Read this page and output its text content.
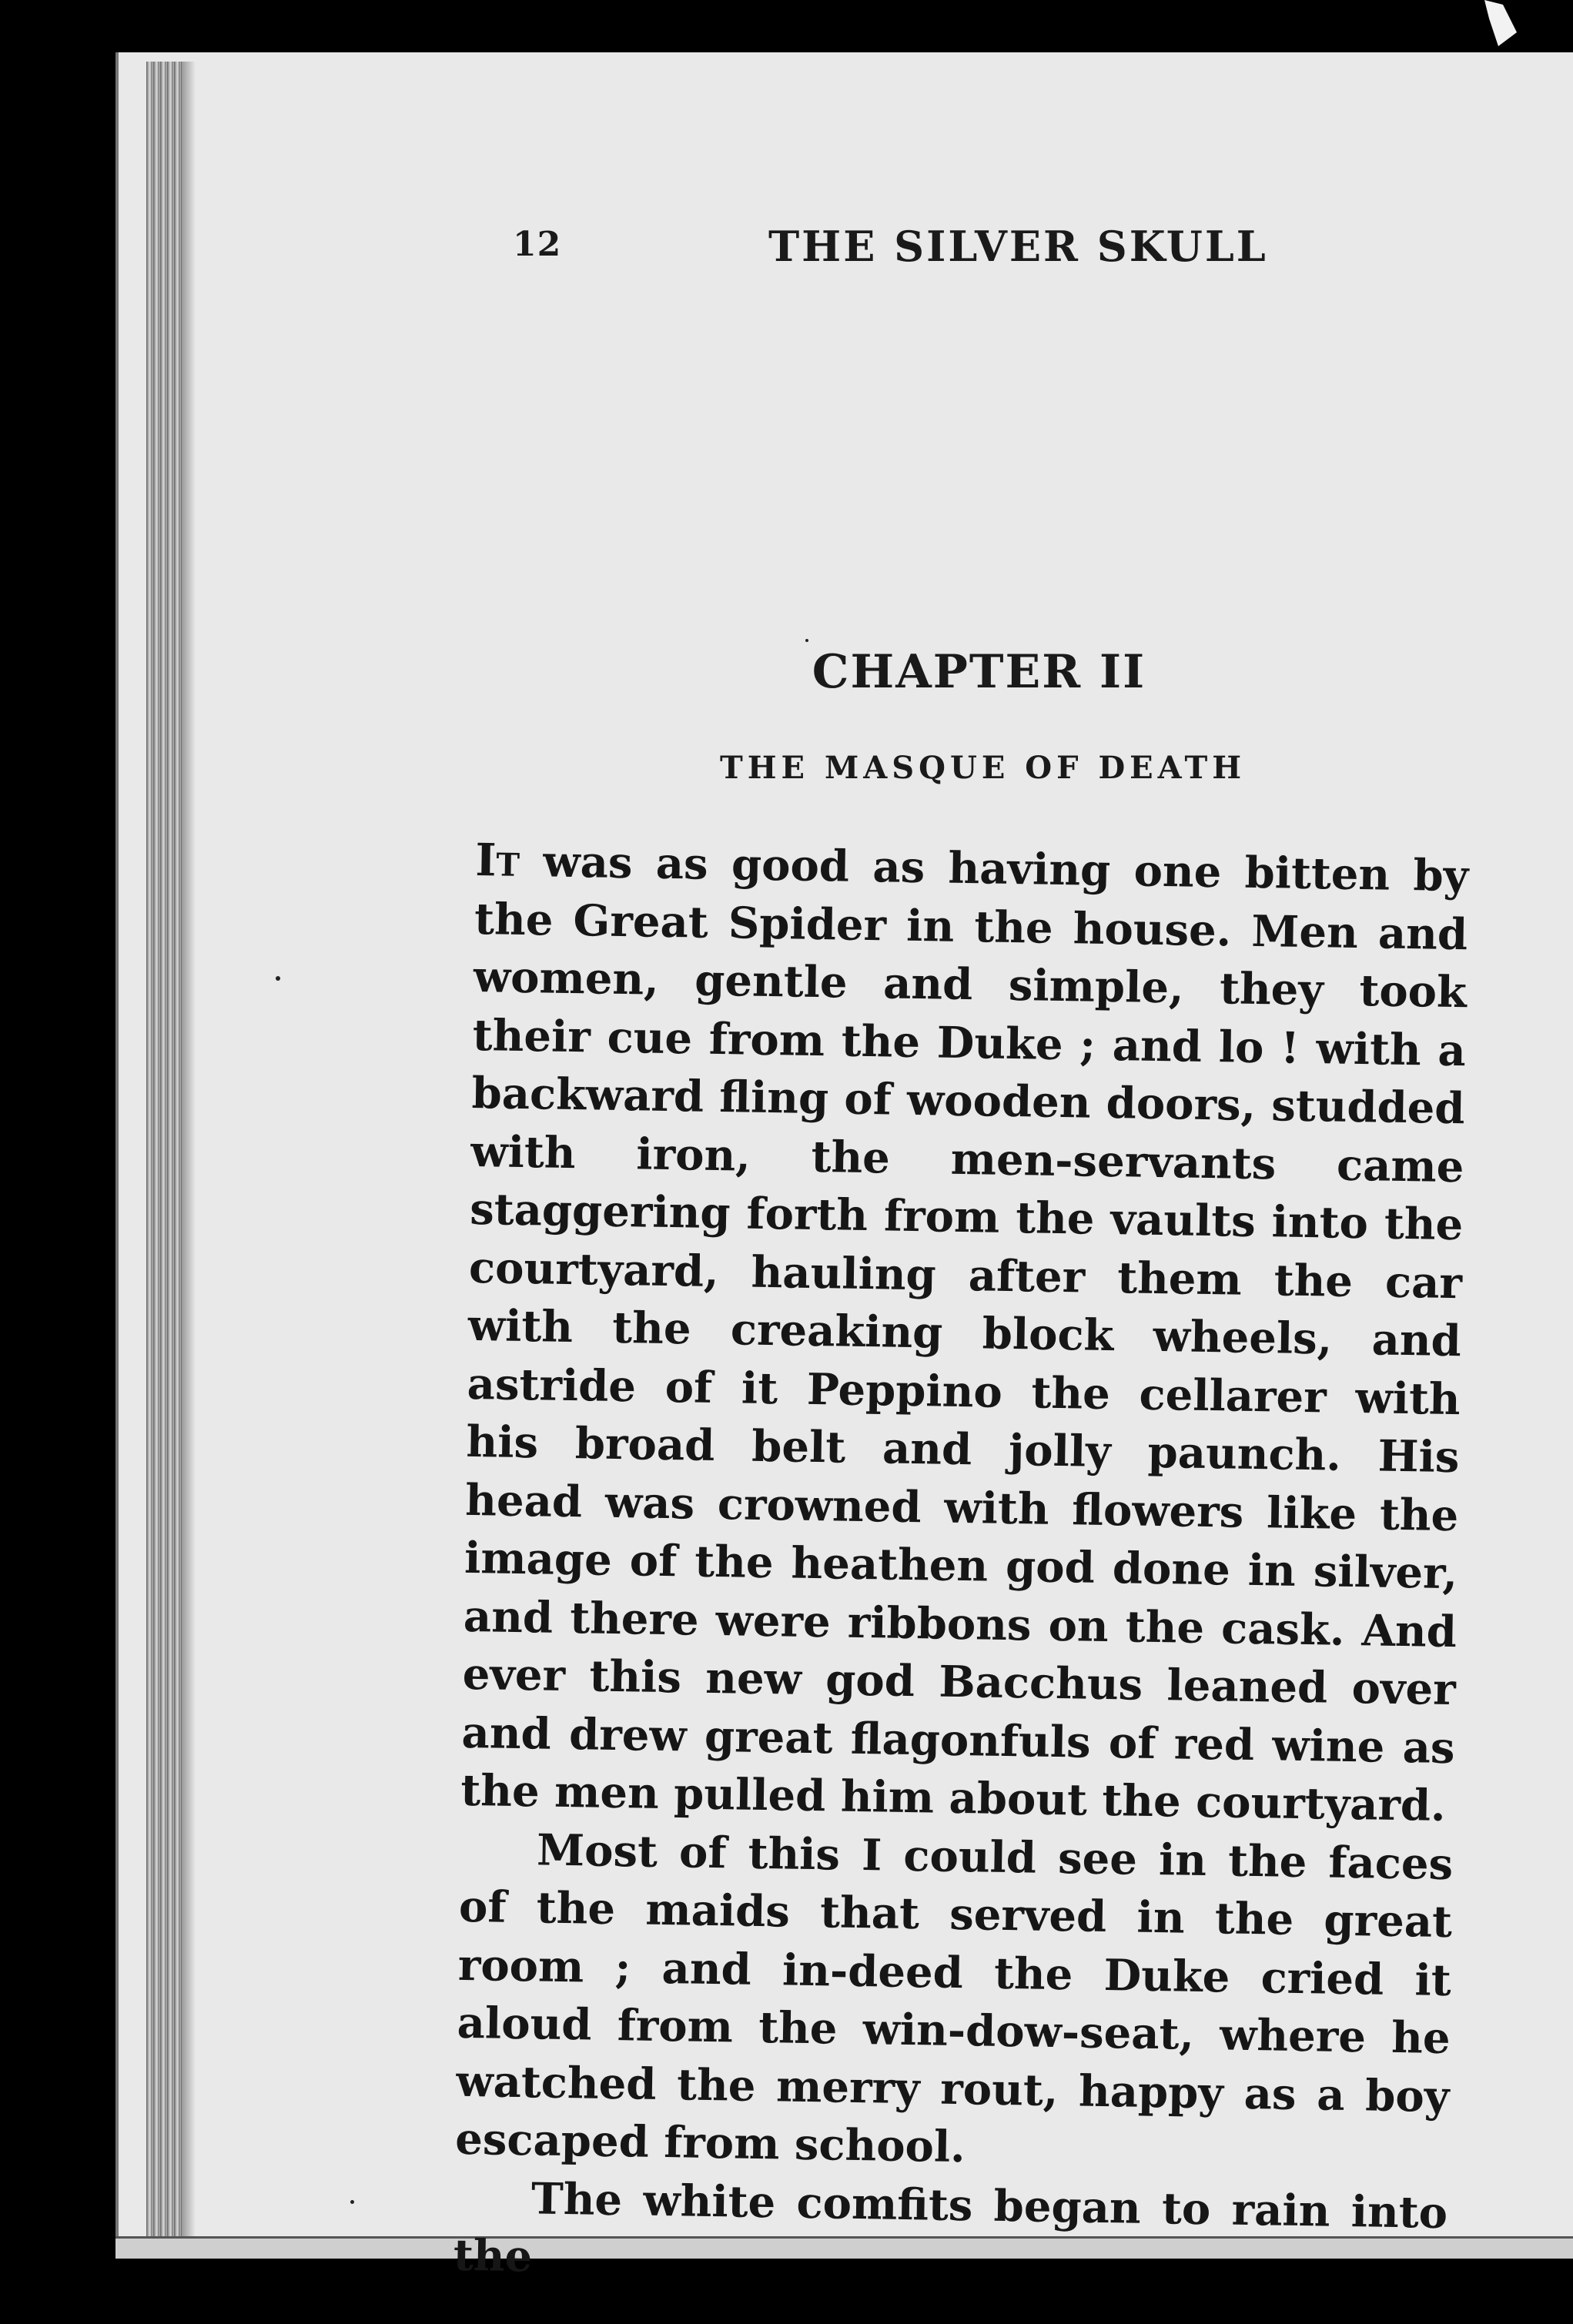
12	THE SILVER SKULL
CHAPTER II
THE MASQUE OF DEATH

It was as good as having one bitten by the Great Spider in the house. Men and women, gentle and simple, they took their cue from the Duke ; and lo ! with a backward fling of wooden doors, studded with iron, the men-servants came staggering forth from the vaults into the courtyard, hauling after them the car with the creaking block wheels, and astride of it Peppino the cellarer with his broad belt and jolly paunch. His head was crowned with flowers like the image of the heathen god done in silver, and there were ribbons on the cask. And ever this new god Bacchus leaned over and drew great flagonfuls of red wine as the men pulled him about the courtyard.

Most of this I could see in the faces of the maids that served in the great room ; and in-deed the Duke cried it aloud from the win-dow-seat, where he watched the merry rout, happy as a boy escaped from school.

The white comfits began to rain into the
